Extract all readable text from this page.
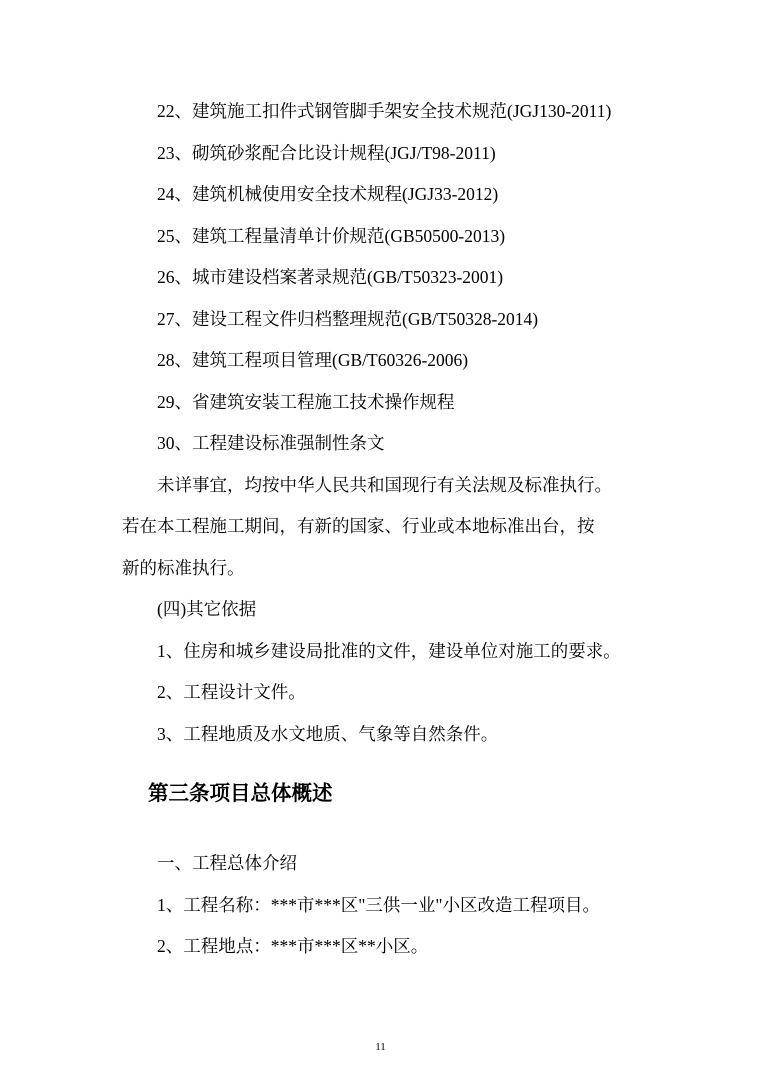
22、建筑施工扣件式钢管脚手架安全技术规范(JGJ130-2011)
23、砌筑砂浆配合比设计规程(JGJ/T98-2011)
24、建筑机械使用安全技术规程(JGJ33-2012)
25、建筑工程量清单计价规范(GB50500-2013)
26、城市建设档案著录规范(GB/T50323-2001)
27、建设工程文件归档整理规范(GB/T50328-2014)
28、建筑工程项目管理(GB/T60326-2006)
29、省建筑安装工程施工技术操作规程
30、工程建设标准强制性条文
未详事宜，均按中华人民共和国现行有关法规及标准执行。
若在本工程施工期间，有新的国家、行业或本地标准出台，按
新的标准执行。
(四)其它依据
1、住房和城乡建设局批准的文件，建设单位对施工的要求。
2、工程设计文件。
3、工程地质及水文地质、气象等自然条件。
第三条项目总体概述
一、工程总体介绍
1、工程名称：***市***区"三供一业"小区改造工程项目。
2、工程地点：***市***区**小区。
11
